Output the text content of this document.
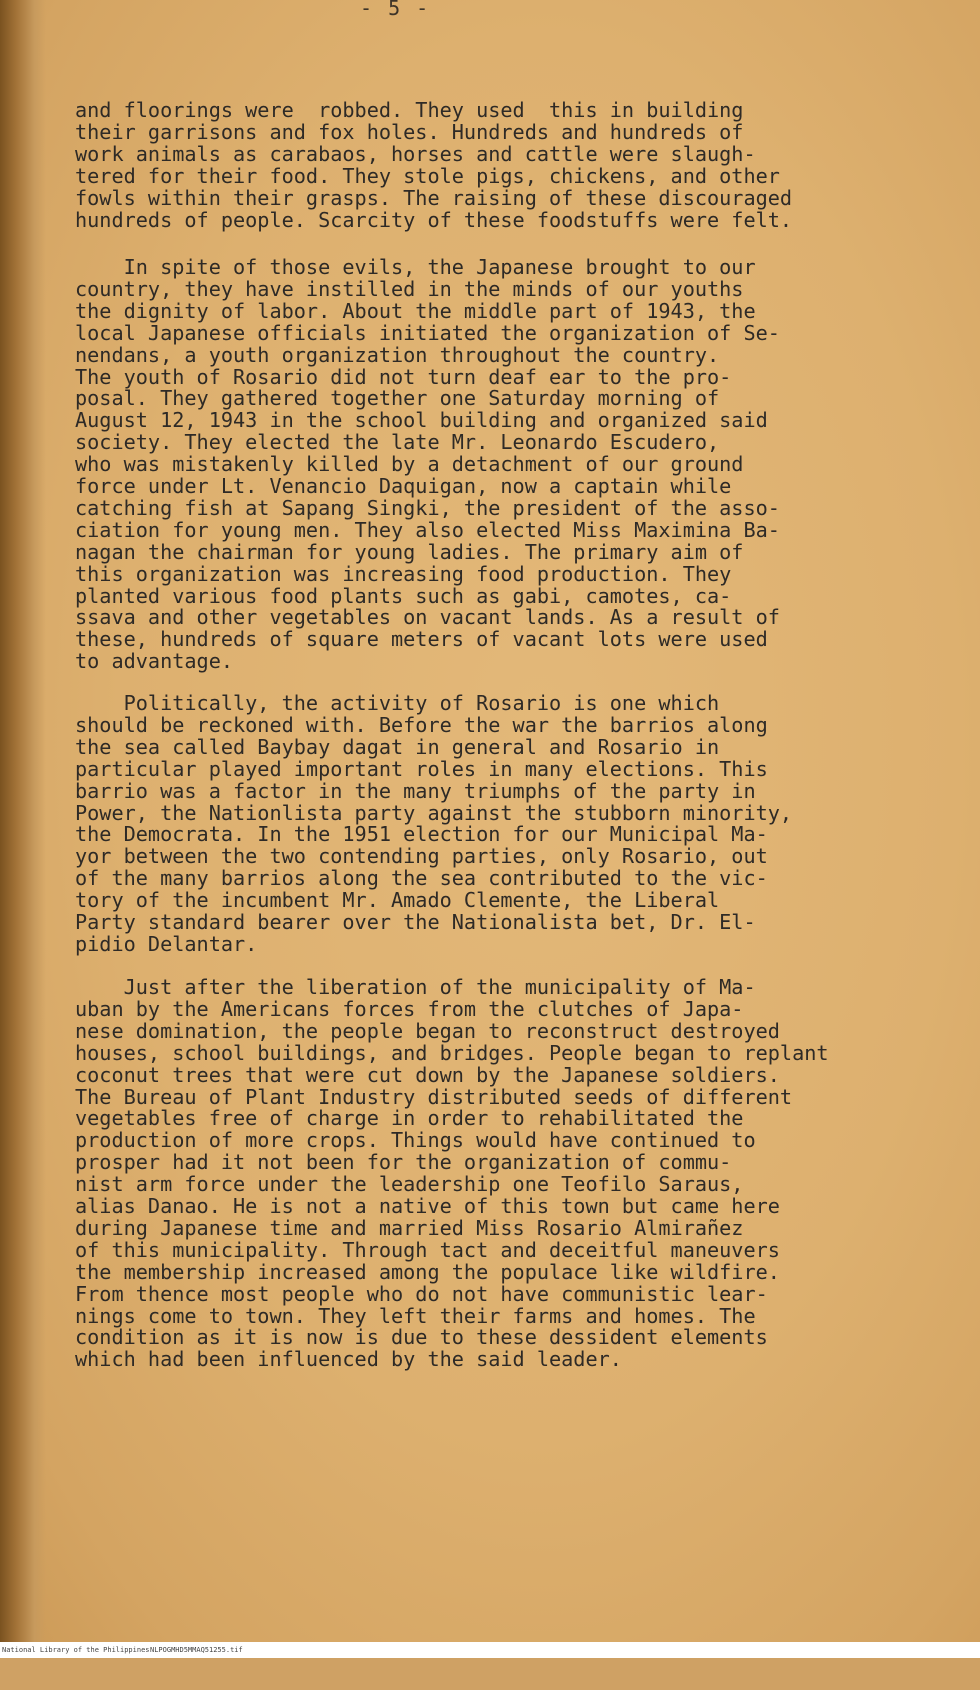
- 5 -
and floorings were  robbed. They used  this in building
their garrisons and fox holes. Hundreds and hundreds of
work animals as carabaos, horses and cattle were slaugh-
tered for their food. They stole pigs, chickens, and other
fowls within their grasps. The raising of these discouraged
hundreds of people. Scarcity of these foodstuffs were felt.
In spite of those evils, the Japanese brought to our
country, they have instilled in the minds of our youths
the dignity of labor. About the middle part of 1943, the
local Japanese officials initiated the organization of Se-
nendans, a youth organization throughout the country.
The youth of Rosario did not turn deaf ear to the pro-
posal. They gathered together one Saturday morning of
August 12, 1943 in the school building and organized said
society. They elected the late Mr. Leonardo Escudero,
who was mistakenly killed by a detachment of our ground
force under Lt. Venancio Daquigan, now a captain while
catching fish at Sapang Singki, the president of the asso-
ciation for young men. They also elected Miss Maximina Ba-
nagan the chairman for young ladies. The primary aim of
this organization was increasing food production. They
planted various food plants such as gabi, camotes, ca-
ssava and other vegetables on vacant lands. As a result of
these, hundreds of square meters of vacant lots were used
to advantage.
Politically, the activity of Rosario is one which
should be reckoned with. Before the war the barrios along
the sea called Baybay dagat in general and Rosario in
particular played important roles in many elections. This
barrio was a factor in the many triumphs of the party in
Power, the Nationlista party against the stubborn minority,
the Democrata. In the 1951 election for our Municipal Ma-
yor between the two contending parties, only Rosario, out
of the many barrios along the sea contributed to the vic-
tory of the incumbent Mr. Amado Clemente, the Liberal
Party standard bearer over the Nationalista bet, Dr. El-
pidio Delantar.
Just after the liberation of the municipality of Ma-
uban by the Americans forces from the clutches of Japa-
nese domination, the people began to reconstruct destroyed
houses, school buildings, and bridges. People began to replant
coconut trees that were cut down by the Japanese soldiers.
The Bureau of Plant Industry distributed seeds of different
vegetables free of charge in order to rehabilitated the
production of more crops. Things would have continued to
prosper had it not been for the organization of commu-
nist arm force under the leadership one Teofilo Saraus,
alias Danao. He is not a native of this town but came here
during Japanese time and married Miss Rosario Almirañez
of this municipality. Through tact and deceitful maneuvers
the membership increased among the populace like wildfire.
From thence most people who do not have communistic lear-
nings come to town. They left their farms and homes. The
condition as it is now is due to these dessident elements
which had been influenced by the said leader.

National Library of the Philippines

NLPOGMHD5MMAQ51255.tif
